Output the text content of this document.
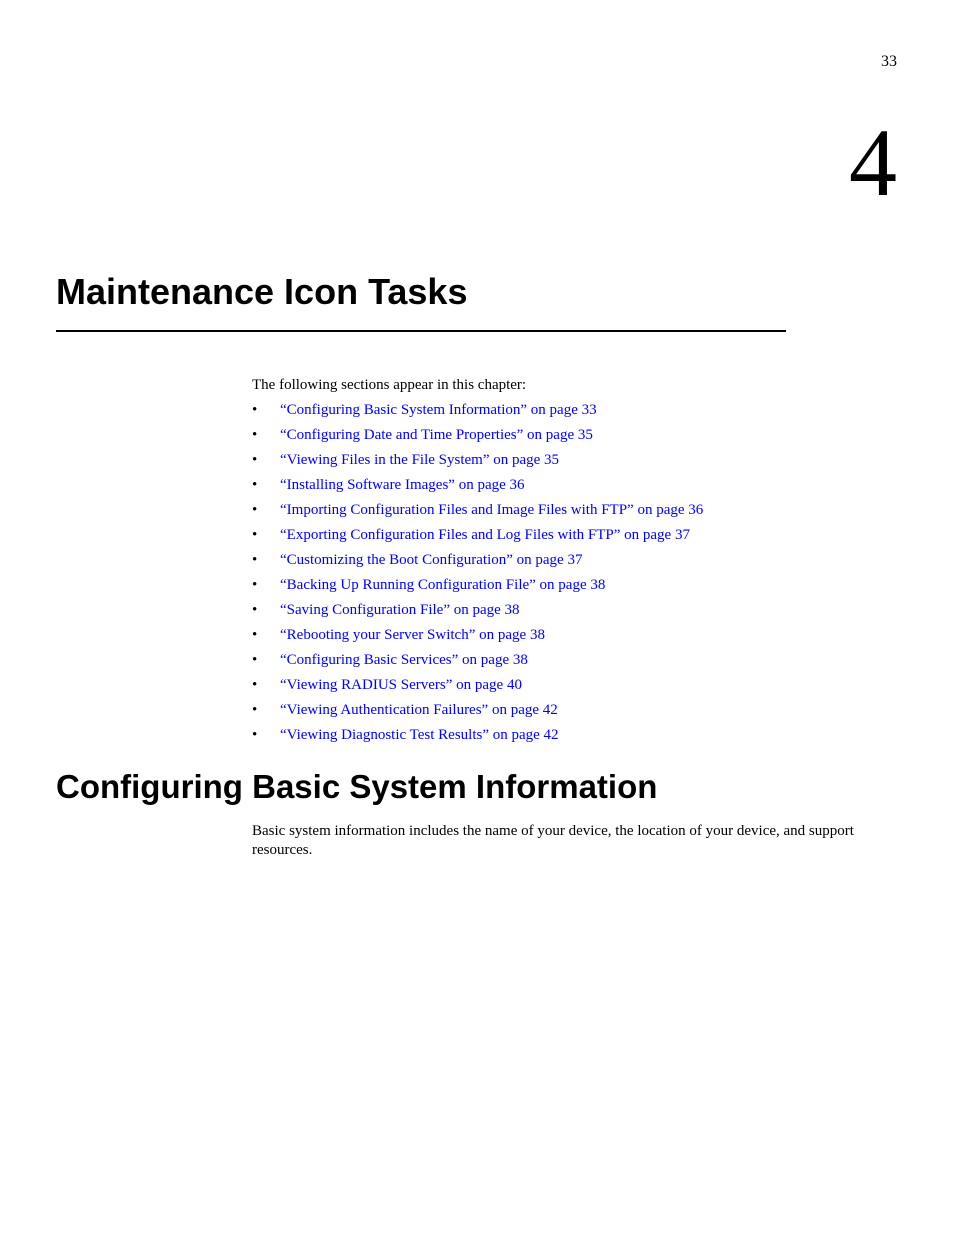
33
4
Maintenance Icon Tasks

The following sections appear in this chapter:

•	“Configuring Basic System Information” on page 33
•	“Configuring Date and Time Properties” on page 35
•	“Viewing Files in the File System” on page 35
•	“Installing Software Images” on page 36
•	“Importing Configuration Files and Image Files with FTP” on page 36
•	“Exporting Configuration Files and Log Files with FTP” on page 37
•	“Customizing the Boot Configuration” on page 37
•	“Backing Up Running Configuration File” on page 38
•	“Saving Configuration File” on page 38
•	“Rebooting your Server Switch” on page 38
•	“Configuring Basic Services” on page 38
•	“Viewing RADIUS Servers” on page 40
•	“Viewing Authentication Failures” on page 42
•	“Viewing Diagnostic Test Results” on page 42
Configuring Basic System Information

Basic system information includes the name of your device, the location of your device, and support resources.
